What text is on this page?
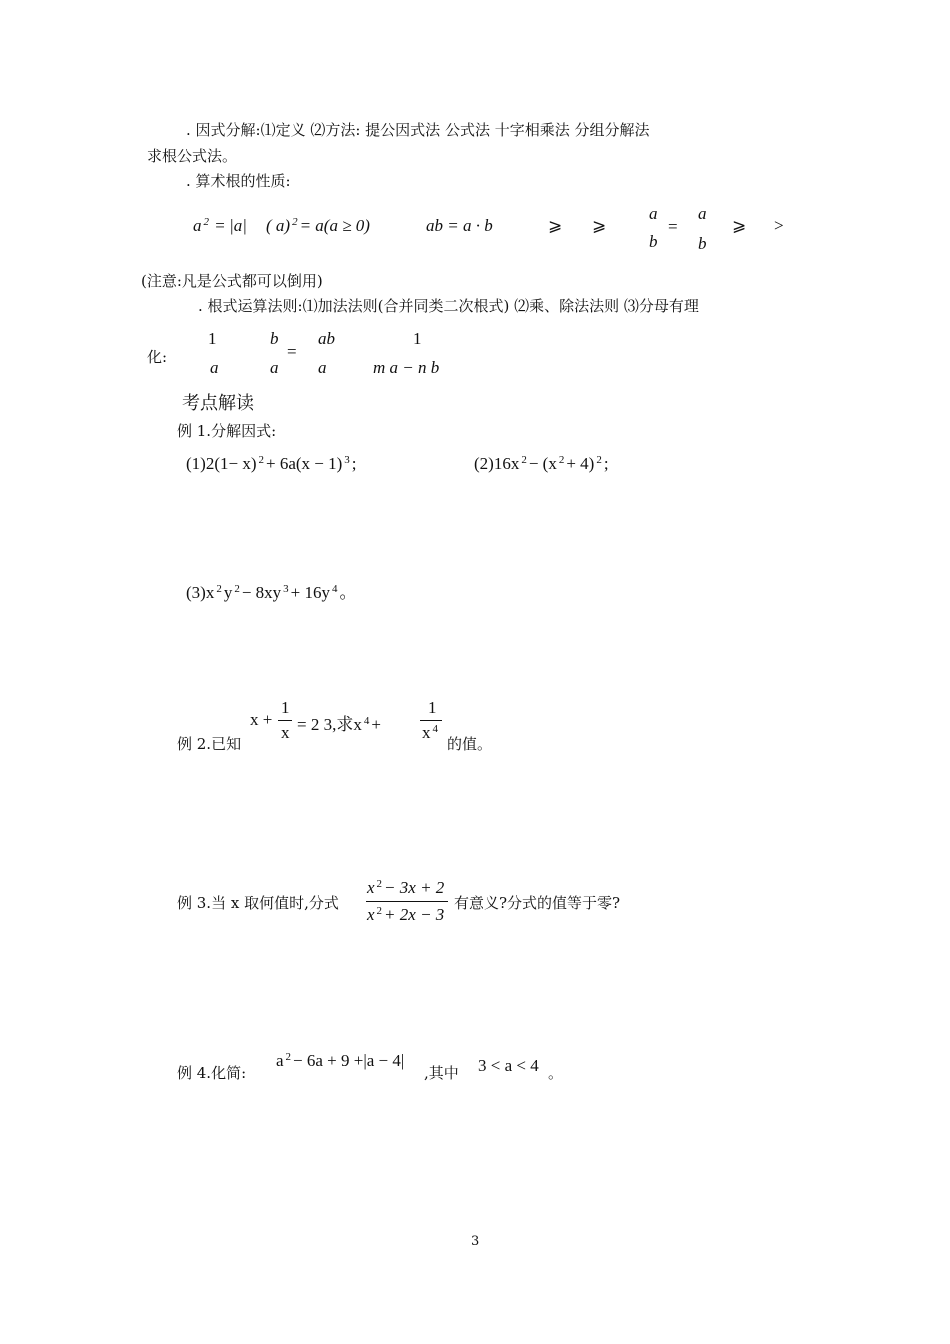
. 因式分解:⑴定义 ⑵方法: 提公因式法 公式法 十字相乘法 分组分解法
求根公式法。
. 算术根的性质:
a $^2$ = |a| ( a) $^2$ = a(a ≥ 0)	ab = a · b	⩾ ⩾
a
b
=
a
b
⩾ >
(注意:凡是公式都可以倒用)
. 根式运算法则:⑴加法法则(合并同类二次根式) ⑵乘、除法法则 ⑶分母有理
化:
1
a
b
a
=
ab
a
1
m a − n b
考点解读
例 1.分解因式:
(1)2(1− x) $^2$ + 6a(x − 1) $^3$ ;	(2)16x $^2$ − (x $^2$ + 4) $^2$ ;
(3)x $^2$ y $^2$ − 8xy $^3$ + 16y $^4$ 。
例 2.已知
x +
1
x = 2 3,求x $^4$ +
1
x $^4$
的值。
例 3.当 x 取何值时,分式
x $^2$ − 3x + 2
x $^2$ + 2x − 3
有意义?分式的值等于零?
例 4.化简:
a $^2$ − 6a + 9 +|a − 4|
,其中 3 < a < 4 。
3
